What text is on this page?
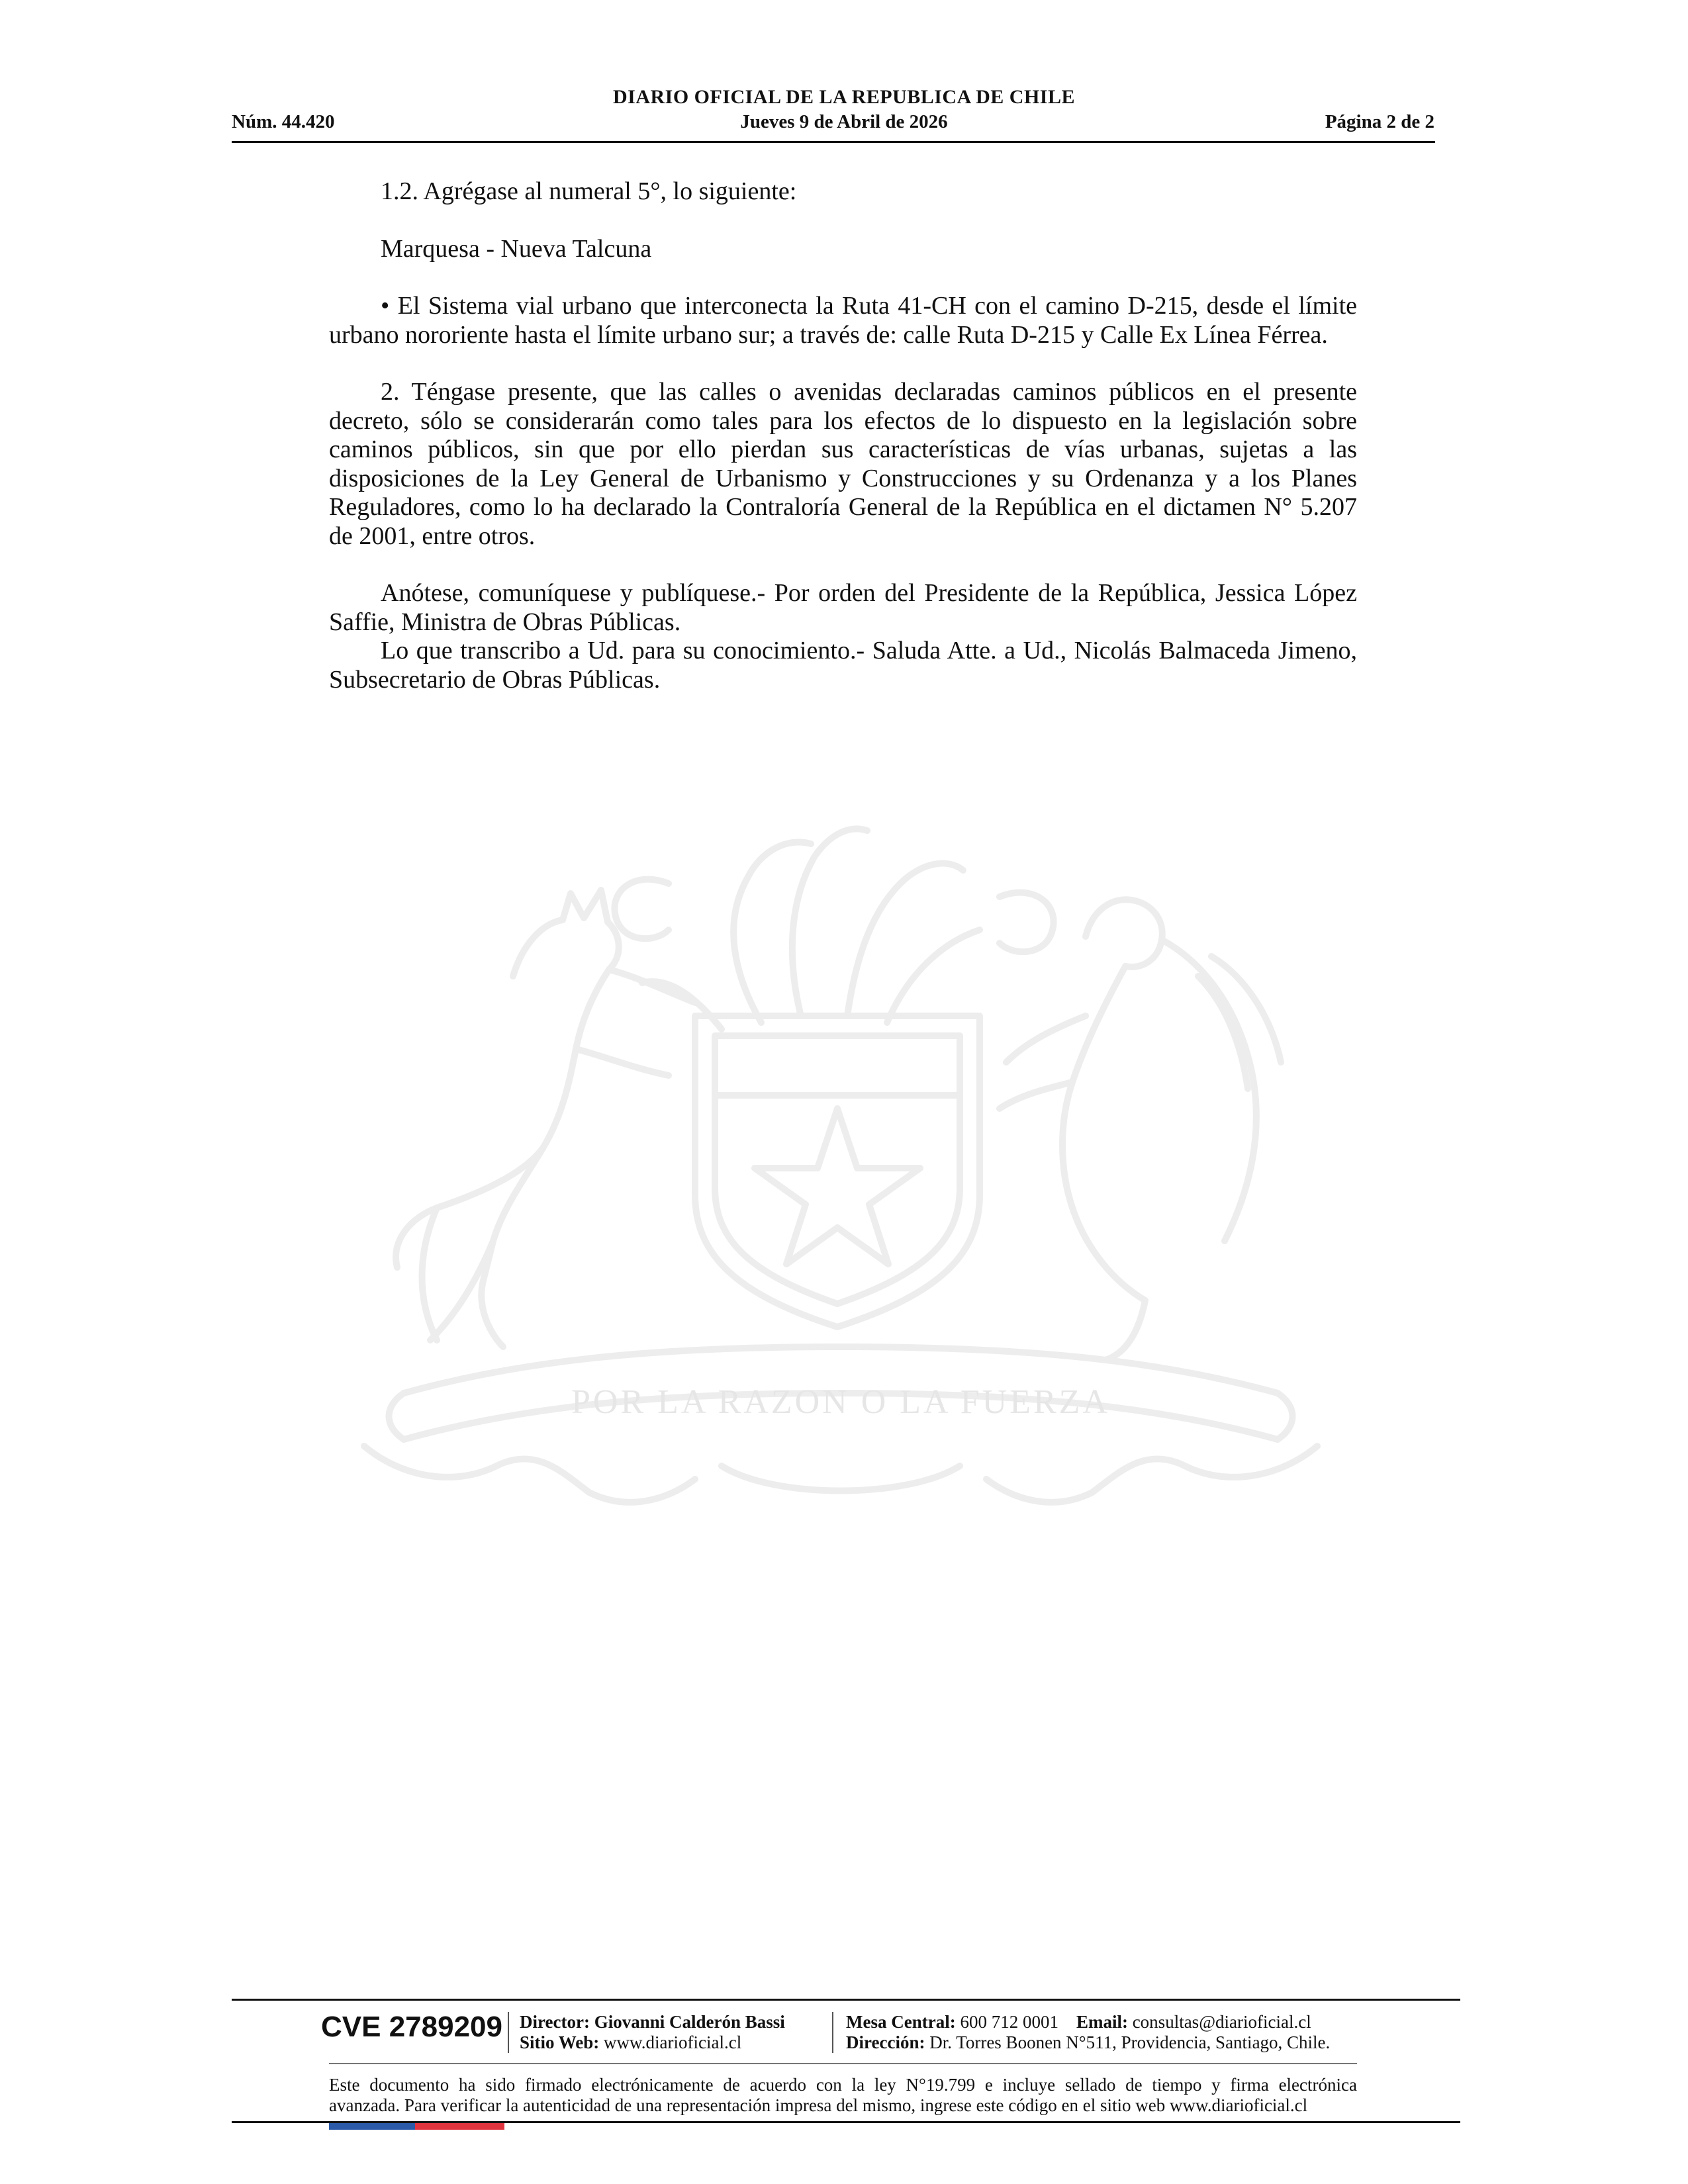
DIARIO OFICIAL DE LA REPUBLICA DE CHILE
Núm. 44.420	Jueves 9 de Abril de 2026	Página 2 de 2
POR LA RAZON O LA FUERZA

1.2. Agrégase al numeral 5°, lo siguiente:

Marquesa - Nueva Talcuna

• El Sistema vial urbano que interconecta la Ruta 41-CH con el camino D-215, desde el límite urbano nororiente hasta el límite urbano sur; a través de: calle Ruta D-215 y Calle Ex Línea Férrea.

2. Téngase presente, que las calles o avenidas declaradas caminos públicos en el presente decreto, sólo se considerarán como tales para los efectos de lo dispuesto en la legislación sobre caminos públicos, sin que por ello pierdan sus características de vías urbanas, sujetas a las disposiciones de la Ley General de Urbanismo y Construcciones y su Ordenanza y a los Planes Reguladores, como lo ha declarado la Contraloría General de la República en el dictamen N° 5.207 de 2001, entre otros.

Anótese, comuníquese y publíquese.- Por orden del Presidente de la República, Jessica López Saffie, Ministra de Obras Públicas.

Lo que transcribo a Ud. para su conocimiento.- Saluda Atte. a Ud., Nicolás Balmaceda Jimeno, Subsecretario de Obras Públicas.

CVE 2789209 Director: Giovanni Calderón Bassi
Sitio Web: www.diarioficial.cl
Mesa Central: 600 712 0001 Email: consultas@diarioficial.cl
Dirección: Dr. Torres Boonen N°511, Providencia, Santiago, Chile.
Este documento ha sido firmado electrónicamente de acuerdo con la ley N°19.799 e incluye sellado de tiempo y firma electrónica
avanzada. Para verificar la autenticidad de una representación impresa del mismo, ingrese este código en el sitio web www.diarioficial.cl
